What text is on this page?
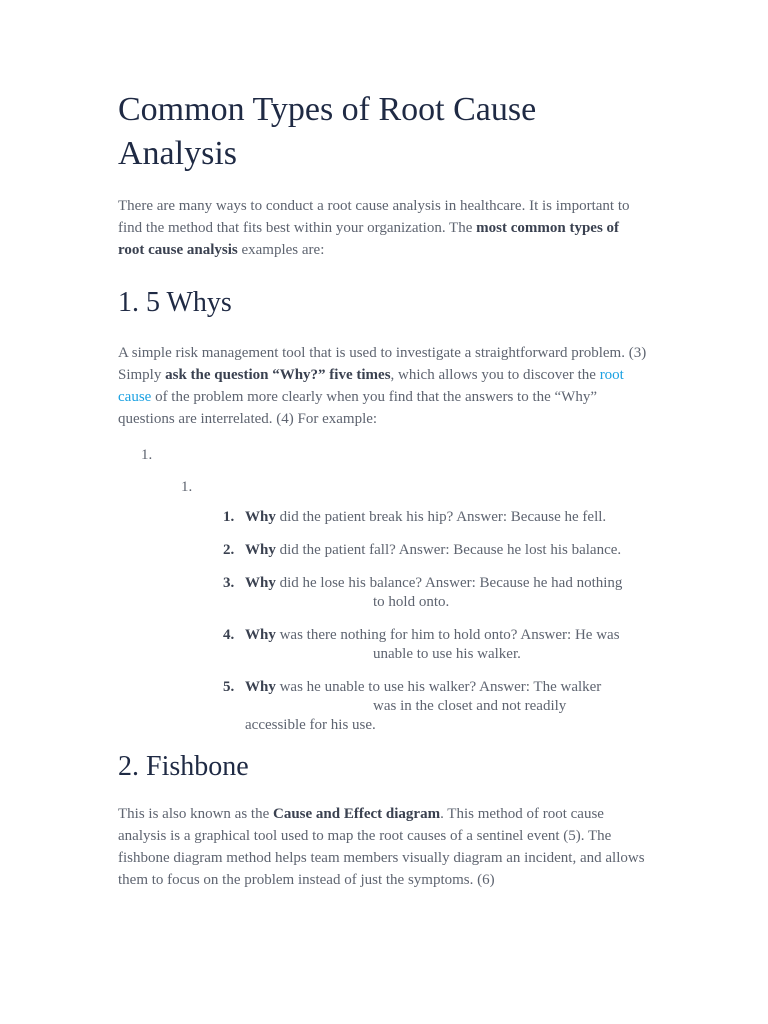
Common Types of Root Cause Analysis

There are many ways to conduct a root cause analysis in healthcare. It is important to find the method that fits best within your organization. The most common types of root cause analysis examples are:

1. 5 Whys

A simple risk management tool that is used to investigate a straightforward problem. (3) Simply ask the question “Why?” five times, which allows you to discover the root cause of the problem more clearly when you find that the answers to the “Why” questions are interrelated. (4) For example:

1.
1.
1. Why did the patient break his hip? Answer: Because he fell.
2. Why did the patient fall? Answer: Because he lost his balance.
3. Why did he lose his balance? Answer: Because he had nothing
to hold onto.
4. Why was there nothing for him to hold onto? Answer: He was
unable to use his walker.
5. Why was he unable to use his walker? Answer: The walker
was in the closet and not readily
accessible for his use.
2. Fishbone

This is also known as the Cause and Effect diagram. This method of root cause analysis is a graphical tool used to map the root causes of a sentinel event (5). The fishbone diagram method helps team members visually diagram an incident, and allows them to focus on the problem instead of just the symptoms. (6)
